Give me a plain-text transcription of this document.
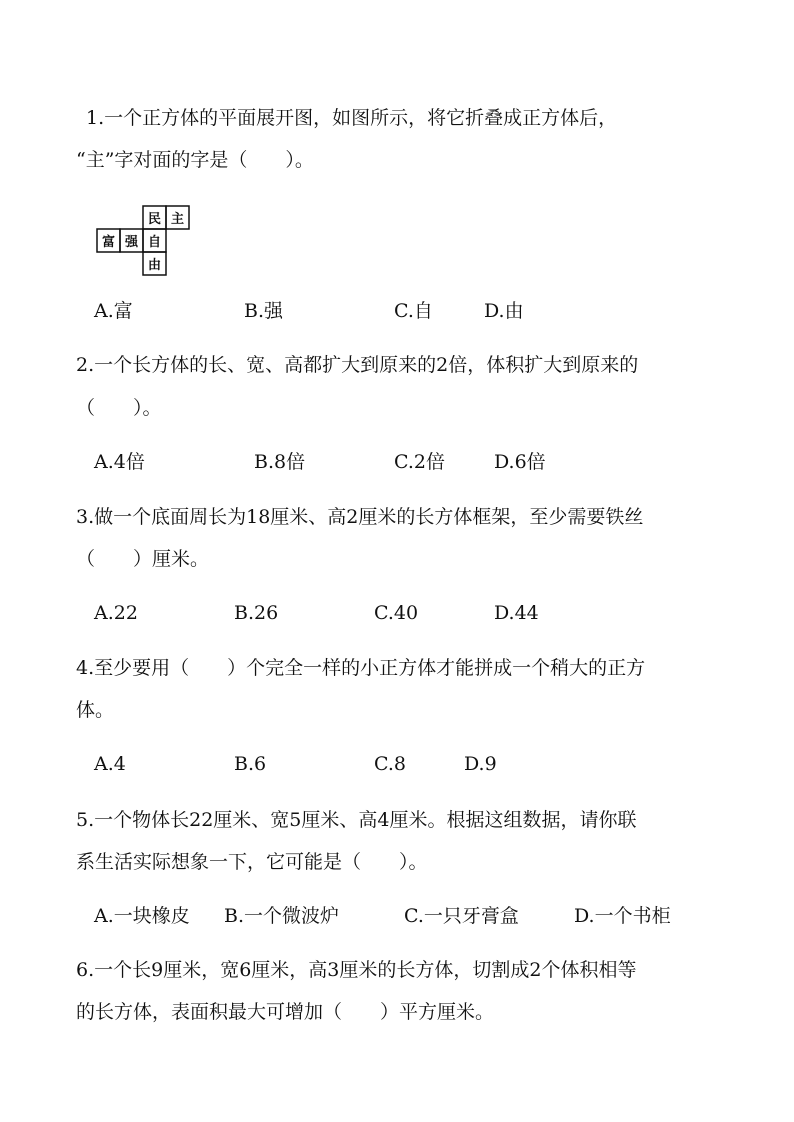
1.一个正方体的平面展开图，如图所示，将它折叠成正方体后，
“主”字对面的字是（　　）。
民 主
富 强 自
由
A.富	B.强	C.自	D.由
2.一个长方体的长、宽、高都扩大到原来的2倍，体积扩大到原来的
（　　）。
A.4倍	B.8倍	C.2倍	D.6倍
3.做一个底面周长为18厘米、高2厘米的长方体框架，至少需要铁丝
（　　）厘米。
A.22	B.26	C.40	D.44
4.至少要用（　　）个完全一样的小正方体才能拼成一个稍大的正方
体。
A.4	B.6	C.8	D.9
5.一个物体长22厘米、宽5厘米、高4厘米。根据这组数据，请你联
系生活实际想象一下，它可能是（　　）。
A.一块橡皮 B.一个微波炉	C.一只牙膏盒	D.一个书柜
6.一个长9厘米，宽6厘米，高3厘米的长方体，切割成2个体积相等
的长方体，表面积最大可增加（　　）平方厘米。
